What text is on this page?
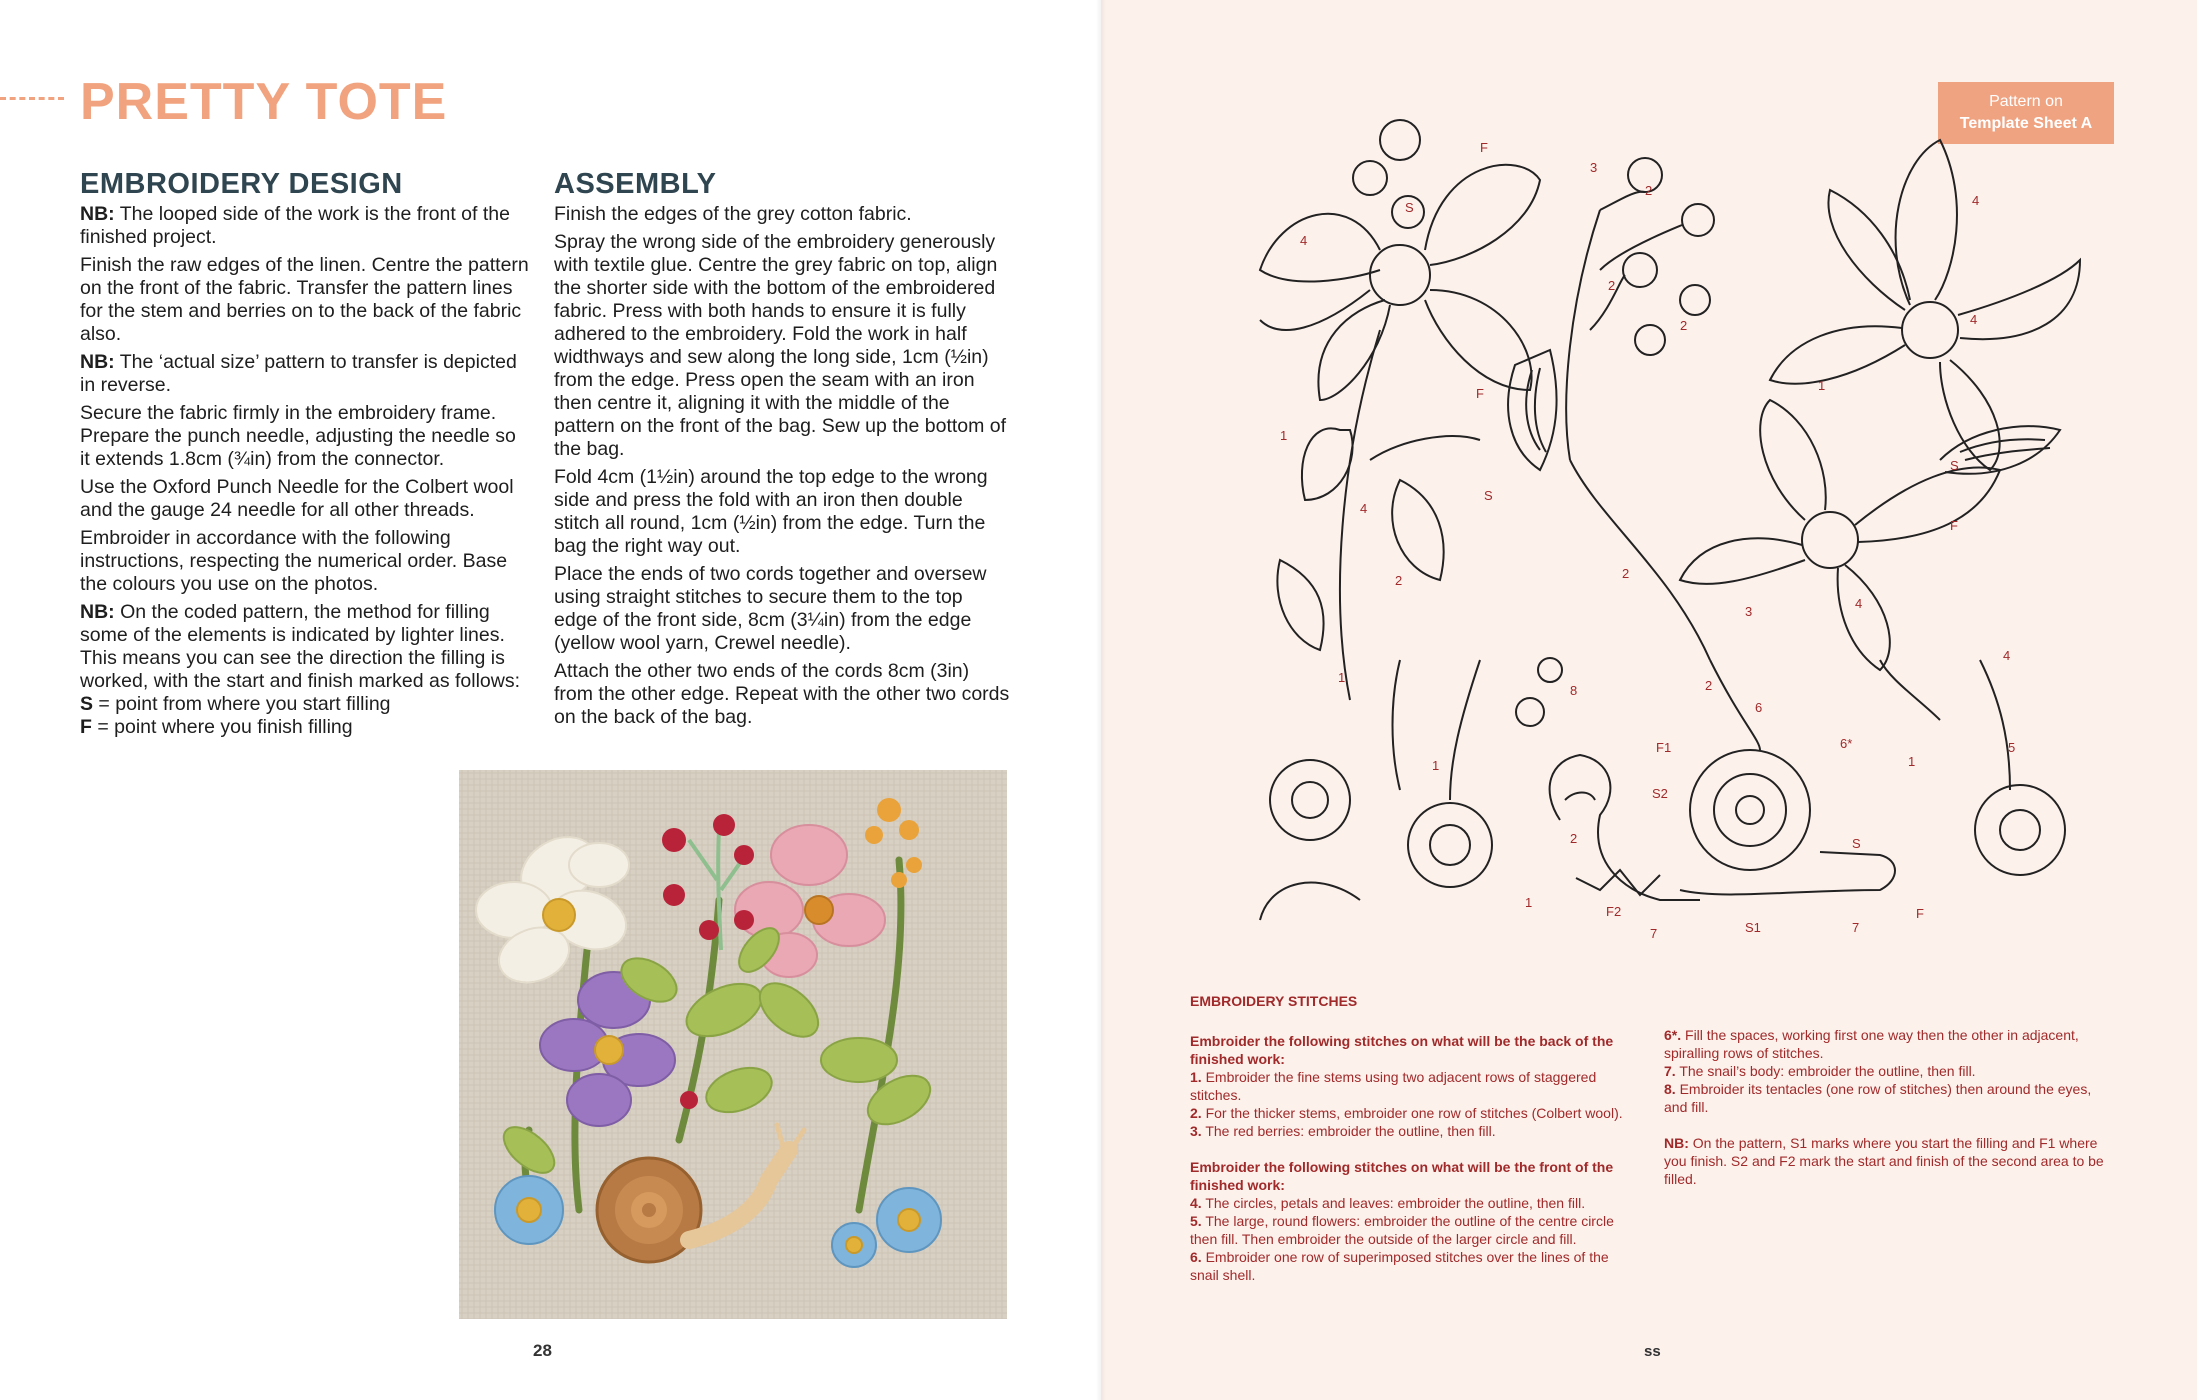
PRETTY TOTE
EMBROIDERY DESIGN

NB: The looped side of the work is the front of the finished project.

Finish the raw edges of the linen. Centre the pattern on the front of the fabric. Transfer the pattern lines for the stem and berries on to the back of the fabric also.

NB: The ‘actual size’ pattern to transfer is depicted in reverse.

Secure the fabric firmly in the embroidery frame. Prepare the punch needle, adjusting the needle so it extends 1.8cm (¾in) from the connector.

Use the Oxford Punch Needle for the Colbert wool and the gauge 24 needle for all other threads.

Embroider in accordance with the following instructions, respecting the numerical order. Base the colours you use on the photos.

NB: On the coded pattern, the method for filling some of the elements is indicated by lighter lines. This means you can see the direction the filling is worked, with the start and finish marked as follows:
S = point from where you start filling
F = point where you finish filling

ASSEMBLY

Finish the edges of the grey cotton fabric.

Spray the wrong side of the embroidery generously with textile glue. Centre the grey fabric on top, align the shorter side with the bottom of the embroidered fabric. Press with both hands to ensure it is fully adhered to the embroidery. Fold the work in half widthways and sew along the long side, 1cm (½in) from the edge. Press open the seam with an iron then centre it, aligning it with the middle of the pattern on the front of the bag. Sew up the bottom of the bag.

Fold 4cm (1½in) around the top edge to the wrong side and press the fold with an iron then double stitch all round, 1cm (½in) from the edge. Turn the bag the right way out.

Place the ends of two cords together and oversew using straight stitches to secure them to the top edge of the front side, 8cm (3¼in) from the edge (yellow wool yarn, Crewel needle).

Attach the other two ends of the cords 8cm (3in) from the other edge. Repeat with the other two cords on the back of the bag.

28
Pattern on
Template Sheet A
F
S
4
3
2
2
2
F
S
1
4
2	2
3
2
8
1
1
2
1
F1
S2
F2
7	S1	7
6
6*
S
F
1
5
4
4
F
S
1
4
4
EMBROIDERY STITCHES

Embroider the following stitches on what will be the back of the finished work:

1. Embroider the fine stems using two adjacent rows of staggered stitches.

2. For the thicker stems, embroider one row of stitches (Colbert wool).

3. The red berries: embroider the outline, then fill.

Embroider the following stitches on what will be the front of the finished work:

4. The circles, petals and leaves: embroider the outline, then fill.

5. The large, round flowers: embroider the outline of the centre circle then fill. Then embroider the outside of the larger circle and fill.

6. Embroider one row of superimposed stitches over the lines of the snail shell.

6*. Fill the spaces, working first one way then the other in adjacent, spiralling rows of stitches.

7. The snail’s body: embroider the outline, then fill.

8. Embroider its tentacles (one row of stitches) then around the eyes, and fill.

NB: On the pattern, S1 marks where you start the filling and F1 where you finish. S2 and F2 mark the start and finish of the second area to be filled.

ss
